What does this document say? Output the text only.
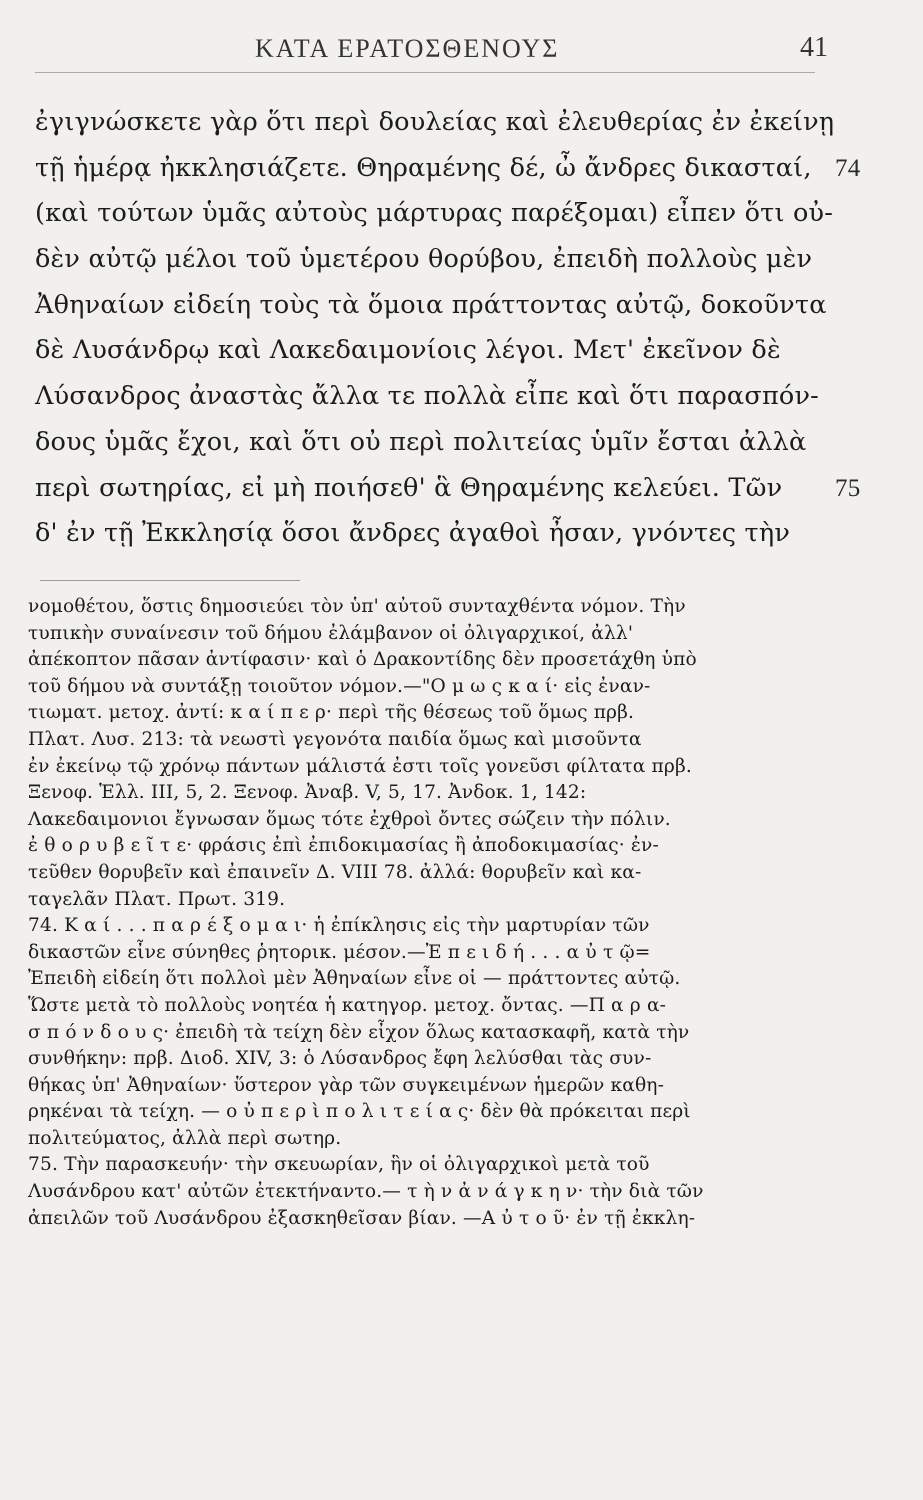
ΚΑΤΑ ΕΡΑΤΟΣΘΕΝΟΥΣ	41
ἐγιγνώσκετε γὰρ ὅτι περὶ δουλείας καὶ ἐλευθερίας ἐν ἐκείνῃ
τῇ ἡμέρᾳ ἠκκλησιάζετε. Θηραμένης δέ, ὦ ἄνδρες δικασταί, 74
(καὶ τούτων ὑμᾶς αὐτοὺς μάρτυρας παρέξομαι) εἶπεν ὅτι οὐ-
δὲν αὐτῷ μέλοι τοῦ ὑμετέρου θορύβου, ἐπειδὴ πολλοὺς μὲν
Ἀθηναίων εἰδείη τοὺς τὰ ὅμοια πράττοντας αὐτῷ, δοκοῦντα
δὲ Λυσάνδρῳ καὶ Λακεδαιμονίοις λέγοι. Μετ' ἐκεῖνον δὲ
Λύσανδρος ἀναστὰς ἄλλα τε πολλὰ εἶπε καὶ ὅτι παρασπόν-
δους ὑμᾶς ἔχοι, καὶ ὅτι οὐ περὶ πολιτείας ὑμῖν ἔσται ἀλλὰ
περὶ σωτηρίας, εἰ μὴ ποιήσεθ' ἃ Θηραμένης κελεύει. Τῶν 75
δ' ἐν τῇ Ἐκκλησίᾳ ὅσοι ἄνδρες ἀγαθοὶ ἦσαν, γνόντες τὴν
νομοθέτου, ὅστις δημοσιεύει τὸν ὑπ' αὐτοῦ συνταχθέντα νόμον. Τὴν
τυπικὴν συναίνεσιν τοῦ δήμου ἐλάμβανον οἱ ὀλιγαρχικοί, ἀλλ'
ἀπέκοπτον πᾶσαν ἀντίφασιν· καὶ ὁ Δρακοντίδης δὲν προσετάχθη ὑπὸ
τοῦ δήμου νὰ συντάξῃ τοιοῦτον νόμον.—"Ο μ ω ς κ α ί· εἰς ἐναν-
τιωματ. μετοχ. ἀντί: κ α ί π ε ρ· περὶ τῆς θέσεως τοῦ ὅμως πρβ.
Πλατ. Λυσ. 213: τὰ νεωστὶ γεγονότα παιδία ὅμως καὶ μισοῦντα
ἐν ἐκείνῳ τῷ χρόνῳ πάντων μάλιστά ἐστι τοῖς γονεῦσι φίλτατα πρβ.
Ξενοφ. Ἑλλ. III, 5, 2. Ξενοφ. Ἀναβ. V, 5, 17. Ἀνδοκ. 1, 142:
Λακεδαιμονιοι ἔγνωσαν ὅμως τότε ἐχθροὶ ὄντες σώζειν τὴν πόλιν.
ἐ θ ο ρ υ β ε ῖ τ ε· φράσις ἐπὶ ἐπιδοκιμασίας ἢ ἀποδοκιμασίας· ἐν-
τεῦθεν θορυβεῖν καὶ ἐπαινεῖν Δ. VIII 78. ἀλλά: θορυβεῖν καὶ κα-
ταγελᾶν Πλατ. Πρωτ. 319.
74. Κ α ί . . . π α ρ έ ξ ο μ α ι· ἡ ἐπίκλησις εἰς τὴν μαρτυρίαν τῶν
δικαστῶν εἶνε σύνηθες ῥητορικ. μέσον.—Ἐ π ε ι δ ή . . . α ὐ τ ῷ=
Ἐπειδὴ εἰδείη ὅτι πολλοὶ μὲν Ἀθηναίων εἶνε οἱ — πράττοντες αὐτῷ.
Ὥστε μετὰ τὸ πολλοὺς νοητέα ἡ κατηγορ. μετοχ. ὄντας. —Π α ρ α-
σ π ό ν δ ο υ ς· ἐπειδὴ τὰ τείχη δὲν εἶχον ὅλως κατασκαφῆ, κατὰ τὴν
συνθήκην: πρβ. Διοδ. XIV, 3: ὁ Λύσανδρος ἔφη λελύσθαι τὰς συν-
θήκας ὑπ' Ἀθηναίων· ὕστερον γὰρ τῶν συγκειμένων ἡμερῶν καθη-
ρηκέναι τὰ τείχη. — ο ὐ π ε ρ ὶ π ο λ ι τ ε ί α ς· δὲν θὰ πρόκειται περὶ
πολιτεύματος, ἀλλὰ περὶ σωτηρ.
75. Τὴν παρασκευήν· τὴν σκευωρίαν, ἣν οἱ ὀλιγαρχικοὶ μετὰ τοῦ
Λυσάνδρου κατ' αὐτῶν ἐτεκτήναντο.— τ ὴ ν ἀ ν ά γ κ η ν· τὴν διὰ τῶν
ἀπειλῶν τοῦ Λυσάνδρου ἐξασκηθεῖσαν βίαν. —Α ὐ τ ο ῦ· ἐν τῇ ἐκκλη-
